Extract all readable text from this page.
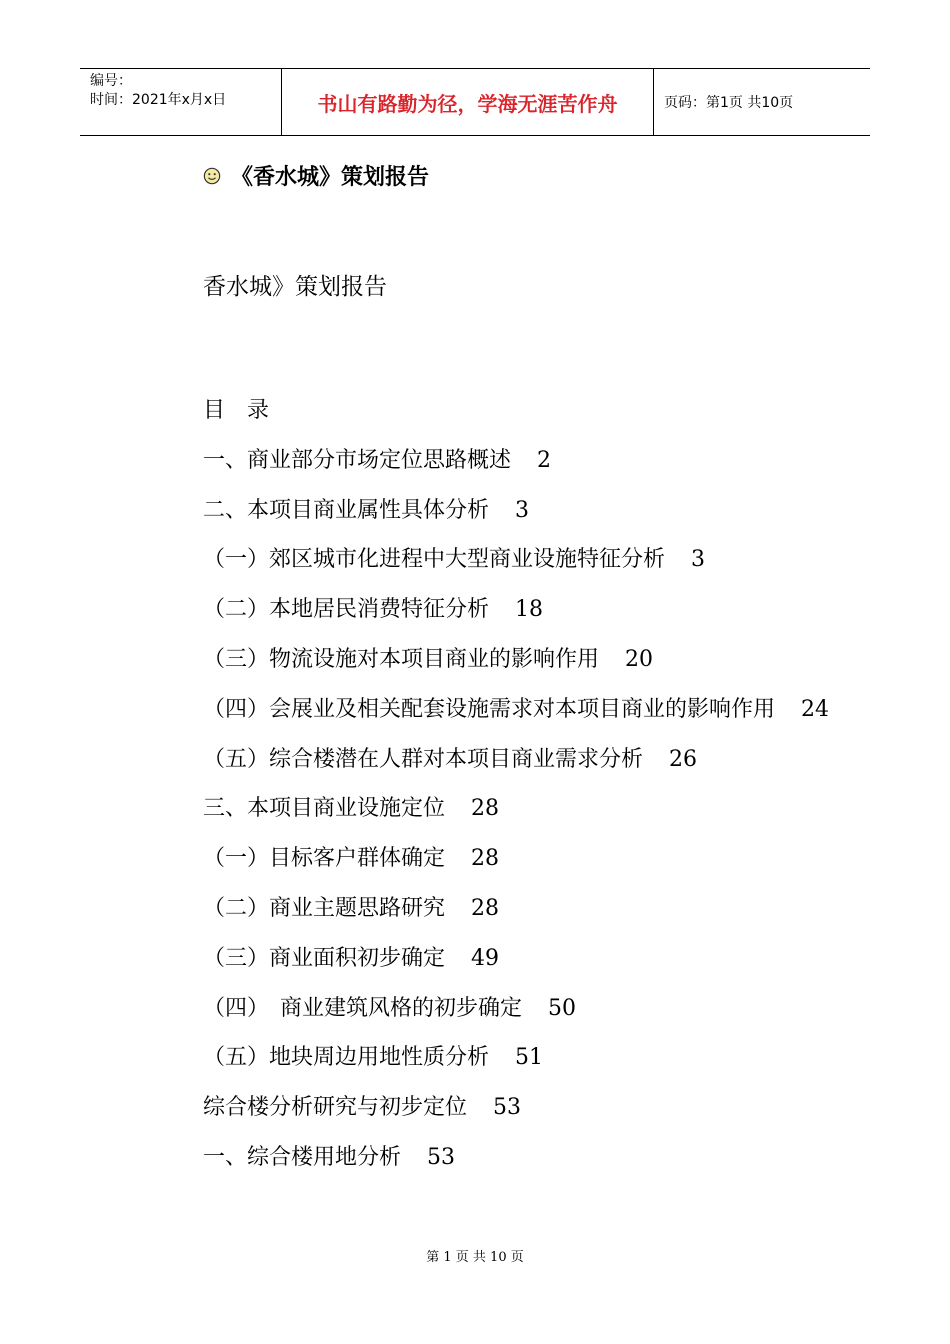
编号：
时间：2021年x月x日	书山有路勤为径，学海无涯苦作舟	页码：第1页 共10页
《香水城》策划报告
香水城》策划报告
目　录
一、商业部分市场定位思路概述 2
二、本项目商业属性具体分析 3
（一）郊区城市化进程中大型商业设施特征分析 3
（二）本地居民消费特征分析 18
（三）物流设施对本项目商业的影响作用 20
（四）会展业及相关配套设施需求对本项目商业的影响作用 24
（五）综合楼潜在人群对本项目商业需求分析 26
三、本项目商业设施定位 28
（一）目标客户群体确定 28
（二）商业主题思路研究 28
（三）商业面积初步确定 49
（四）　商业建筑风格的初步确定 50
（五）地块周边用地性质分析 51
综合楼分析研究与初步定位 53
一、综合楼用地分析 53
第 1 页 共 10 页
